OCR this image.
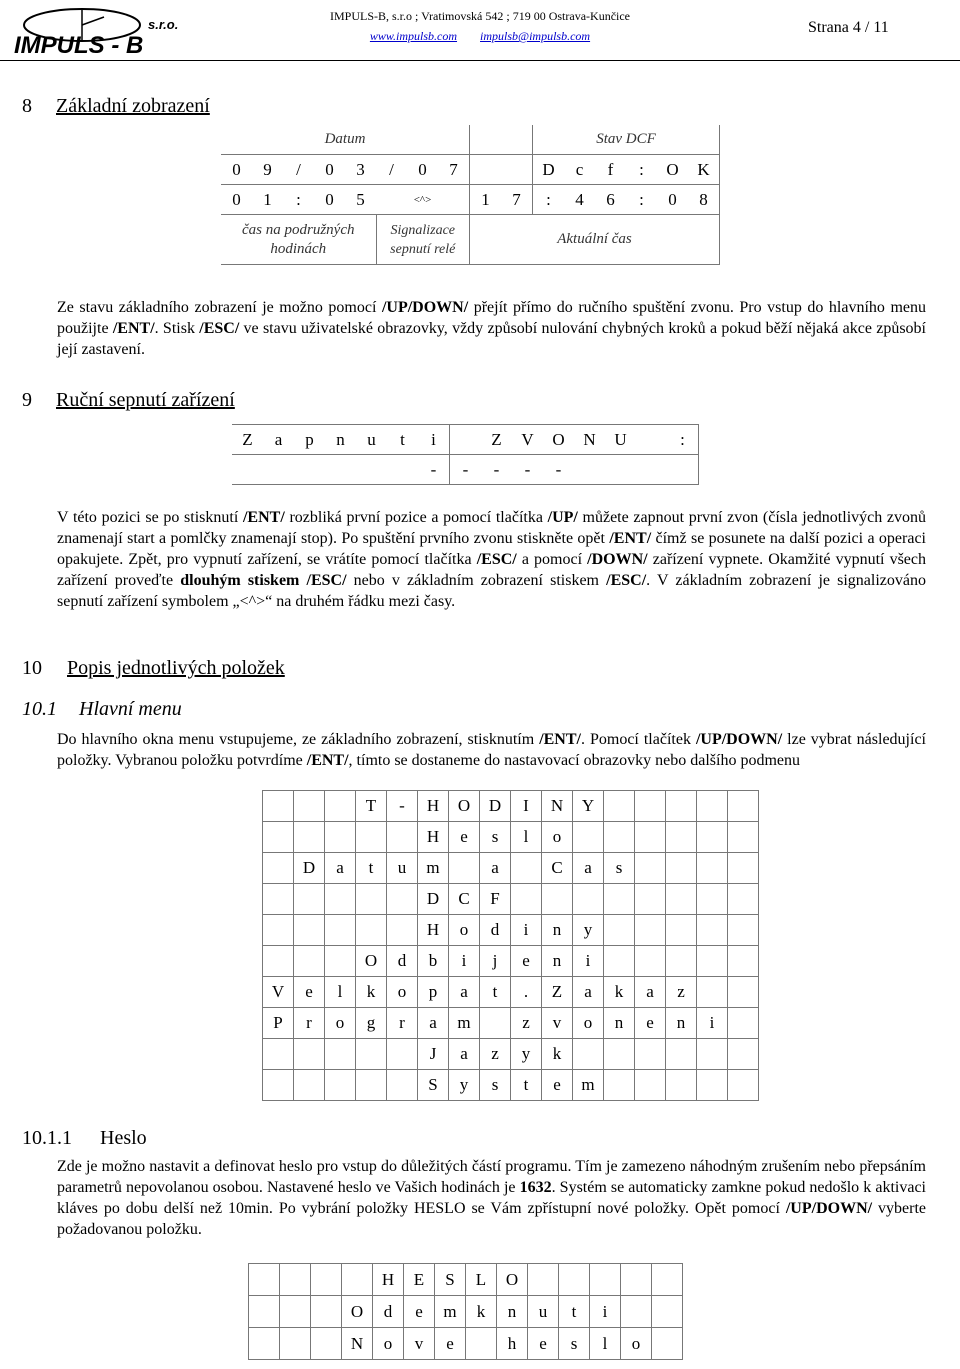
s.r.o.
IMPULS - B
IMPULS-B, s.r.o ; Vratimovská 542 ; 719 00 Ostrava-Kunčice
www.impulsb.com impulsb@impulsb.com	Strana 4 / 11
8 Základní zobrazení
Datum										Stav DCF					
0	9	/	0	3	/	0	7			D	c	f	:	O	K
0	1	:	0	5		<^>		1	7	:	4	6	:	0	8
čas na podružných hodinách					Signalizace sepnutí relé			Aktuální čas							
Ze stavu základního zobrazení je možno pomocí /UP/DOWN/ přejít přímo do ručního spuštění zvonu. Pro vstup do hlavního menu použijte /ENT/. Stisk /ESC/ ve stavu uživatelské obrazovky, vždy způsobí nulování chybných kroků a pokud běží nějaká akce způsobí její zastavení.
9 Ruční sepnutí zařízení
Z	a	p	n	u	t	i		Z	V	O	N	U		:
						-	-	-	-	-				
V této pozici se po stisknutí /ENT/ rozbliká první pozice a pomocí tlačítka /UP/ můžete zapnout první zvon (čísla jednotlivých zvonů znamenají start a pomlčky znamenají stop). Po spuštění prvního zvonu stiskněte opět /ENT/ čímž se posunete na další pozici a operaci opakujete. Zpět, pro vypnutí zařízení, se vrátíte pomocí tlačítka /ESC/ a pomocí /DOWN/ zařízení vypnete. Okamžité vypnutí všech zařízení proveďte dlouhým stiskem /ESC/ nebo v základním zobrazení stiskem /ESC/. V základním zobrazení je signalizováno sepnutí zařízení symbolem „<^>“ na druhém řádku mezi časy.
10 Popis jednotlivých položek
10.1 Hlavní menu
Do hlavního okna menu vstupujeme, ze základního zobrazení, stisknutím /ENT/. Pomocí tlačítek /UP/DOWN/ lze vybrat následující položky. Vybranou položku potvrdíme /ENT/, tímto se dostaneme do nastavovací obrazovky nebo dalšího podmenu
			T	-	H	O	D	I	N	Y					
					H	e	s	l	o						
	D	a	t	u	m		a		C	a	s				
					D	C	F								
					H	o	d	i	n	y					
			O	d	b	i	j	e	n	i					
V	e	l	k	o	p	a	t	.	Z	a	k	a	z		
P	r	o	g	r	a	m		z	v	o	n	e	n	i	
					J	a	z	y	k						
					S	y	s	t	e	m					
10.1.1 Heslo
Zde je možno nastavit a definovat heslo pro vstup do důležitých částí programu. Tím je zamezeno náhodným zrušením nebo přepsáním parametrů nepovolanou osobou. Nastavené heslo ve Vašich hodinách je 1632. Systém se automaticky zamkne pokud nedošlo k aktivaci kláves po dobu delší než 10min. Po vybrání položky HESLO se Vám zpřístupní nové položky. Opět pomocí /UP/DOWN/ vyberte požadovanou položku.
				H	E	S	L	O					
			O	d	e	m	k	n	u	t	i		
			N	o	v	e		h	e	s	l	o	
